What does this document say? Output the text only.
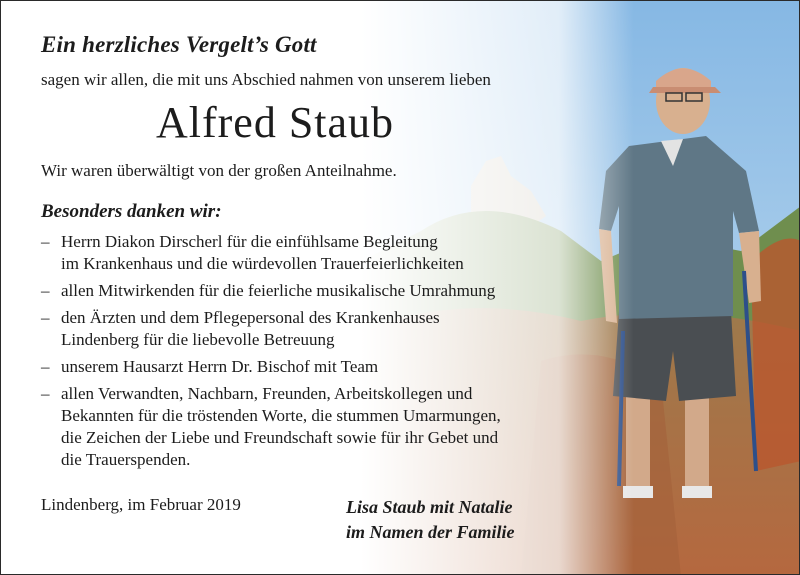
Ein herzliches Vergelt’s Gott
sagen wir allen, die mit uns Abschied nahmen von unserem lieben
Alfred Staub
Wir waren überwältigt von der großen Anteilnahme.
Besonders danken wir:
– Herrn Diakon Dirscherl für die einfühlsame Begleitung
im Krankenhaus und die würdevollen Trauerfeierlichkeiten
– allen Mitwirkenden für die feierliche musikalische Umrahmung
– den Ärzten und dem Pflegepersonal des Krankenhauses
Lindenberg für die liebevolle Betreuung
– unserem Hausarzt Herrn Dr. Bischof mit Team
– allen Verwandten, Nachbarn, Freunden, Arbeitskollegen und
Bekannten für die tröstenden Worte, die stummen Umarmungen,
die Zeichen der Liebe und Freundschaft sowie für ihr Gebet und
die Trauerspenden.
Lindenberg, im Februar 2019	Lisa Staub mit Natalie
im Namen der Familie
